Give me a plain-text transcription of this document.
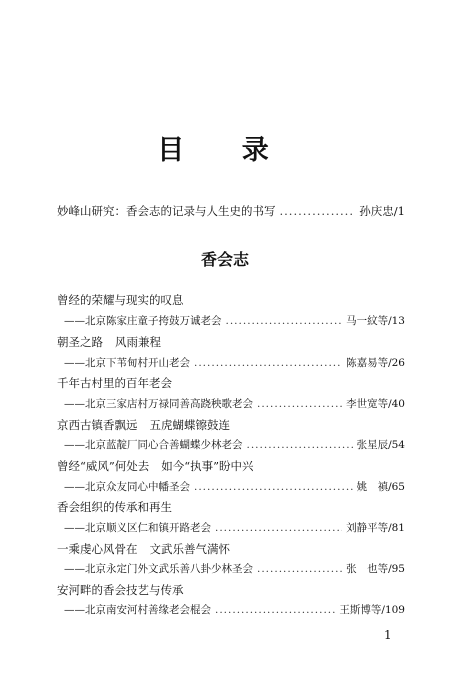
目 录
妙峰山研究：香会志的记录与人生史的书写 .....	孙庆忠/1
香会志
曾经的荣耀与现实的叹息
——北京陈家庄童子挎鼓万诚老会 .....	马一紋等/13
朝圣之路 风雨兼程
——北京下苇甸村开山老会 .....	陈嘉易等/26
千年古村里的百年老会
——北京三家店村万禄同善高跷秧歌老会 .....	李世宽等/40
京西古镇香飘远 五虎蝴蝶镲鼓连
——北京蓝靛厂同心合善蝴蝶少林老会 .....	张星辰/54
曾经“威风”何处去 如今“执事”盼中兴
——北京众友同心中幡圣会 .....	姚　禛/65
香会组织的传承和再生
——北京顺义区仁和镇开路老会 .....	刘静平等/81
一乘虔心风骨在 文武乐善气满怀
——北京永定门外文武乐善八卦少林圣会 .....	张　也等/95
安河畔的香会技艺与传承
——北京南安河村善缘老会棍会 .....	王斯博等/109
1
